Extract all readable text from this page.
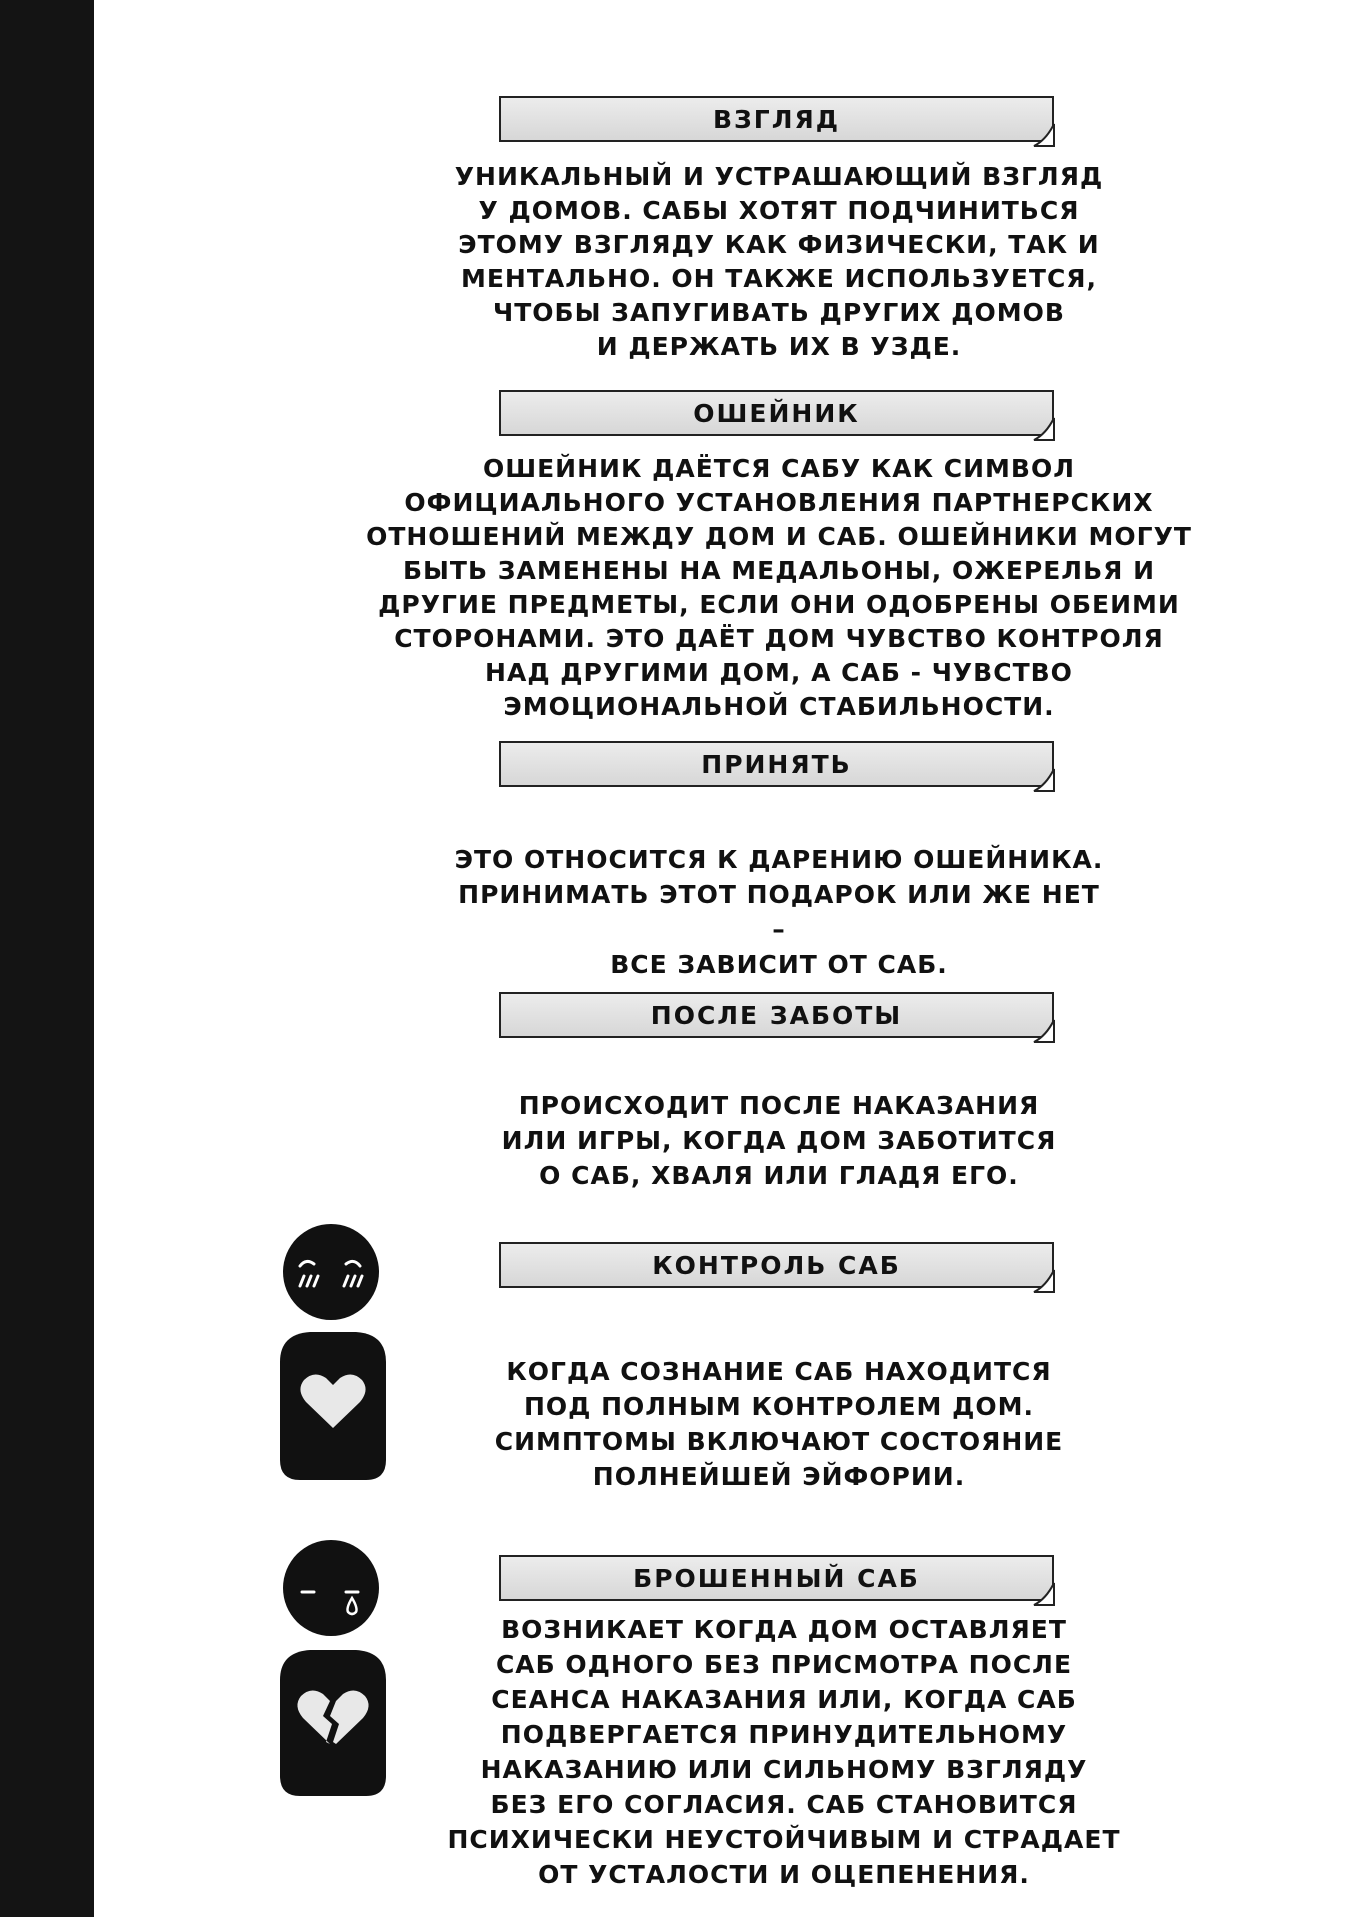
ВЗГЛЯД
УНИКАЛЬНЫЙ И УСТРАШАЮЩИЙ ВЗГЛЯД
У ДОМОВ. САБЫ ХОТЯТ ПОДЧИНИТЬСЯ
ЭТОМУ ВЗГЛЯДУ КАК ФИЗИЧЕСКИ, ТАК И
МЕНТАЛЬНО. ОН ТАКЖЕ ИСПОЛЬЗУЕТСЯ,
ЧТОБЫ ЗАПУГИВАТЬ ДРУГИХ ДОМОВ
И ДЕРЖАТЬ ИХ В УЗДЕ.
ОШЕЙНИК
ОШЕЙНИК ДАЁТСЯ САБУ КАК СИМВОЛ
ОФИЦИАЛЬНОГО УСТАНОВЛЕНИЯ ПАРТНЕРСКИХ
ОТНОШЕНИЙ МЕЖДУ ДОМ И САБ. ОШЕЙНИКИ МОГУТ
БЫТЬ ЗАМЕНЕНЫ НА МЕДАЛЬОНЫ, ОЖЕРЕЛЬЯ И
ДРУГИЕ ПРЕДМЕТЫ, ЕСЛИ ОНИ ОДОБРЕНЫ ОБЕИМИ
СТОРОНАМИ. ЭТО ДАЁТ ДОМ ЧУВСТВО КОНТРОЛЯ
НАД ДРУГИМИ ДОМ, А САБ - ЧУВСТВО
ЭМОЦИОНАЛЬНОЙ СТАБИЛЬНОСТИ.
ПРИНЯТЬ
ЭТО ОТНОСИТСЯ К ДАРЕНИЮ ОШЕЙНИКА.
ПРИНИМАТЬ ЭТОТ ПОДАРОК ИЛИ ЖЕ НЕТ –
ВСЕ ЗАВИСИТ ОТ САБ.
ПОСЛЕ ЗАБОТЫ
ПРОИСХОДИТ ПОСЛЕ НАКАЗАНИЯ
ИЛИ ИГРЫ, КОГДА ДОМ ЗАБОТИТСЯ
О САБ, ХВАЛЯ ИЛИ ГЛАДЯ ЕГО.
КОНТРОЛЬ САБ
КОГДА СОЗНАНИЕ САБ НАХОДИТСЯ
ПОД ПОЛНЫМ КОНТРОЛЕМ ДОМ.
СИМПТОМЫ ВКЛЮЧАЮТ СОСТОЯНИЕ
ПОЛНЕЙШЕЙ ЭЙФОРИИ.
БРОШЕННЫЙ САБ
ВОЗНИКАЕТ КОГДА ДОМ ОСТАВЛЯЕТ
САБ ОДНОГО БЕЗ ПРИСМОТРА ПОСЛЕ
СЕАНСА НАКАЗАНИЯ ИЛИ, КОГДА САБ
ПОДВЕРГАЕТСЯ ПРИНУДИТЕЛЬНОМУ
НАКАЗАНИЮ ИЛИ СИЛЬНОМУ ВЗГЛЯДУ
БЕЗ ЕГО СОГЛАСИЯ. САБ СТАНОВИТСЯ
ПСИХИЧЕСКИ НЕУСТОЙЧИВЫМ И СТРАДАЕТ
ОТ УСТАЛОСТИ И ОЦЕПЕНЕНИЯ.
